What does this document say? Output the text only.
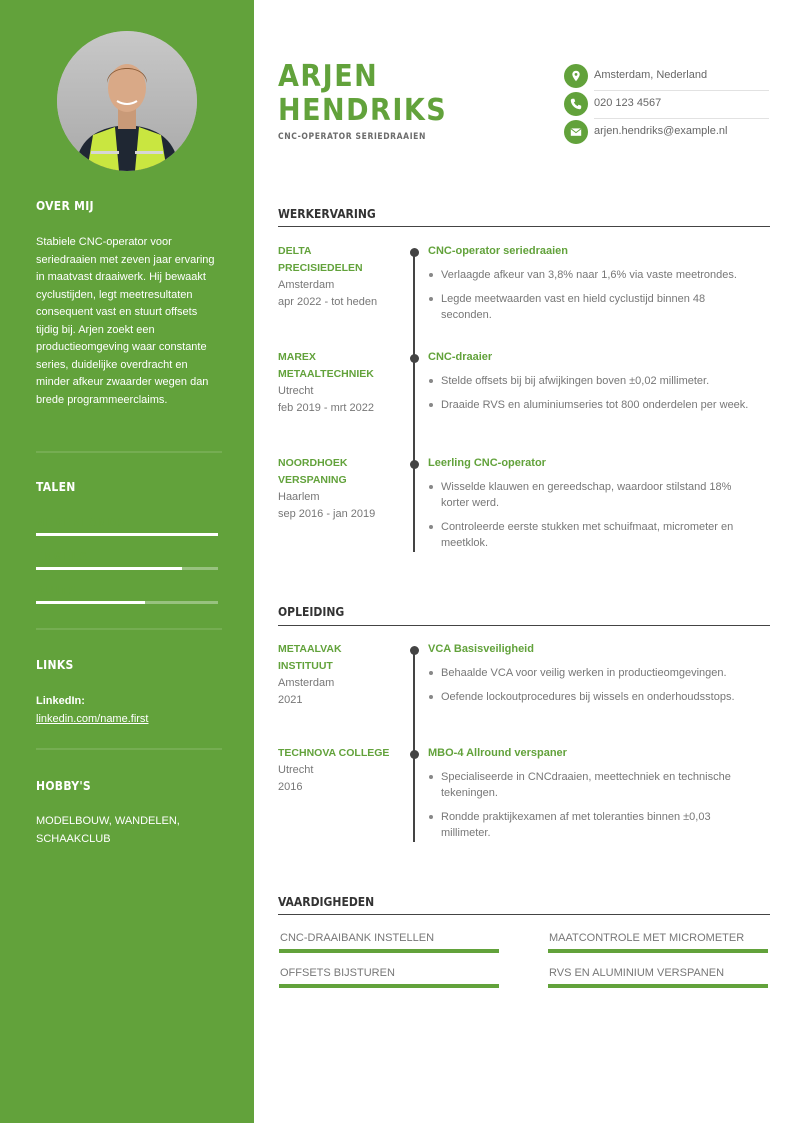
OVER MIJ
Stabiele CNC-operator voor seriedraaien met zeven jaar ervaring in maatvast draaiwerk. Hij bewaakt cyclustijden, legt meetresultaten consequent vast en stuurt offsets tijdig bij. Arjen zoekt een productieomgeving waar constante series, duidelijke overdracht en minder afkeur zwaarder wegen dan brede programmeerclaims.
TALEN
NEDERLANDS
ENGELS
DUITS
LINKS
LinkedIn:
linkedin.com/name.first
HOBBY'S
MODELBOUW, WANDELEN, SCHAAKCLUB
ARJEN
HENDRIKS
CNC-OPERATOR SERIEDRAAIEN
Amsterdam, Nederland
020 123 4567
arjen.hendriks@example.nl
WERKERVARING
DELTA
PRECISIEDELEN
Amsterdam
apr 2022 - tot heden
CNC-operator seriedraaien
Verlaagde afkeur van 3,8% naar 1,6% via vaste meetrondes.
Legde meetwaarden vast en hield cyclustijd binnen 48 seconden.
MAREX
METAALTECHNIEK
Utrecht
feb 2019 - mrt 2022
CNC-draaier
Stelde offsets bij bij afwijkingen boven ±0,02 millimeter.
Draaide RVS en aluminiumseries tot 800 onderdelen per week.
NOORDHOEK
VERSPANING
Haarlem
sep 2016 - jan 2019
Leerling CNC-operator
Wisselde klauwen en gereedschap, waardoor stilstand 18% korter werd.
Controleerde eerste stukken met schuifmaat, micrometer en meetklok.
OPLEIDING
METAALVAK
INSTITUUT
Amsterdam
2021
VCA Basisveiligheid
Behaalde VCA voor veilig werken in productieomgevingen.
Oefende lockoutprocedures bij wissels en onderhoudsstops.
TECHNOVA COLLEGE
Utrecht
2016
MBO-4 Allround verspaner
Specialiseerde in CNCdraaien, meettechniek en technische tekeningen.
Rondde praktijkexamen af met toleranties binnen ±0,03 millimeter.
VAARDIGHEDEN
CNC-DRAAIBANK INSTELLEN	MAATCONTROLE MET MICROMETER
OFFSETS BIJSTUREN	RVS EN ALUMINIUM VERSPANEN
